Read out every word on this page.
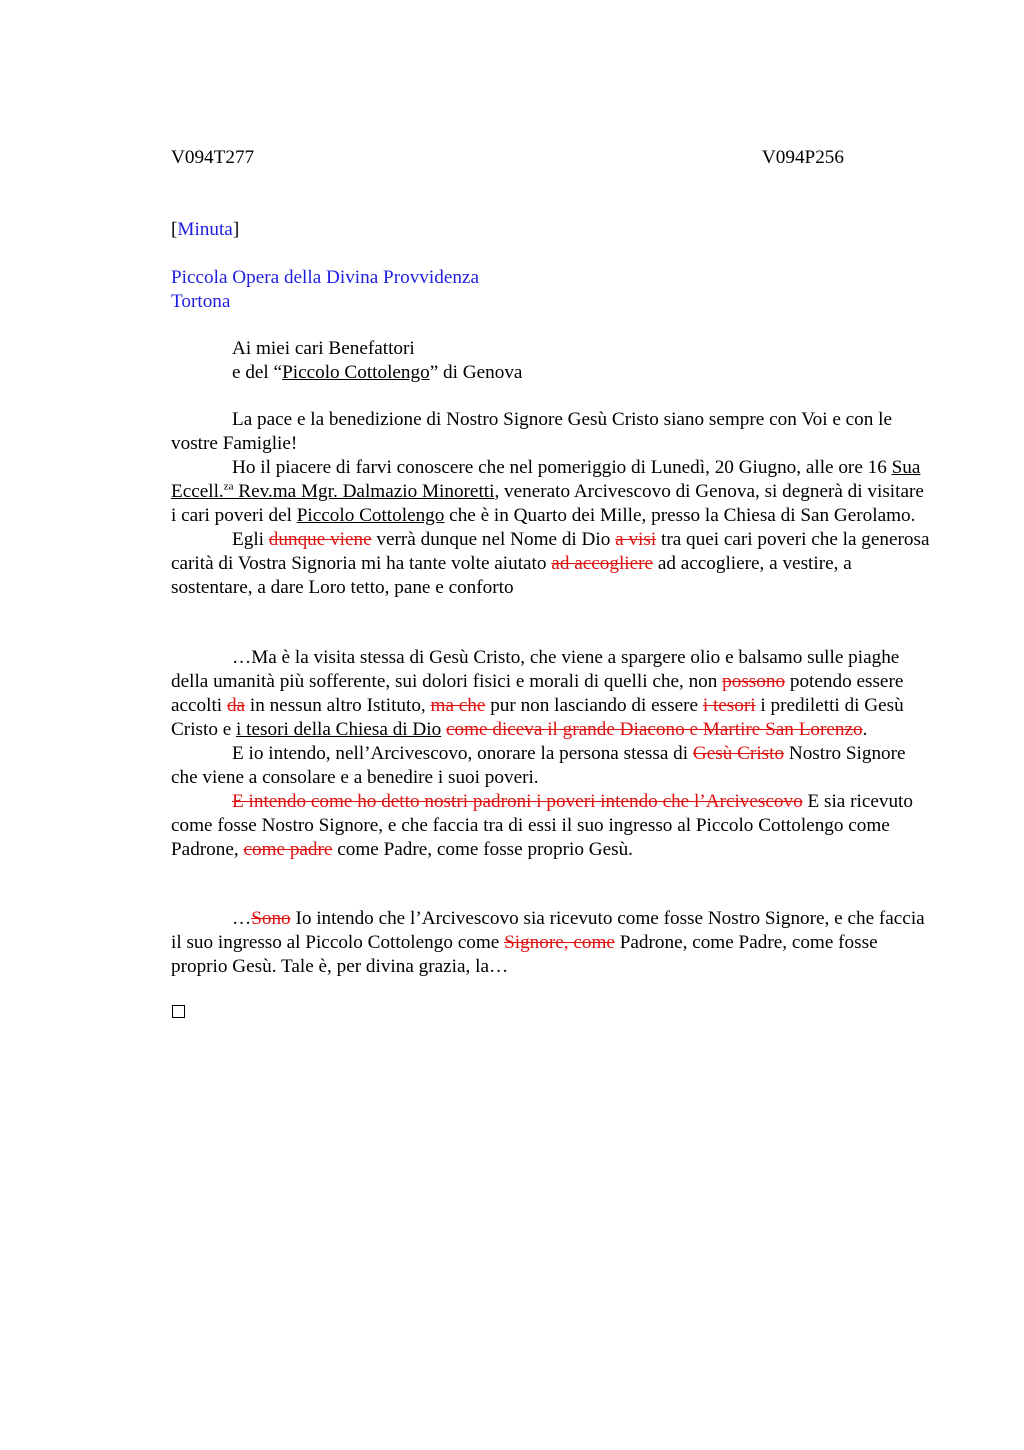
V094T277	V094P256
[Minuta]
Piccola Opera della Divina Provvidenza
Tortona
Ai miei cari Benefattori
e del “Piccolo Cottolengo” di Genova

La pace e la benedizione di Nostro Signore Gesù Cristo siano sempre con Voi e con le vostre Famiglie!

Ho il piacere di farvi conoscere che nel pomeriggio di Lunedì, 20 Giugno, alle ore 16 Sua Eccell.$^{za}$ Rev.ma Mgr. Dalmazio Minoretti, venerato Arcivescovo di Genova, si degnerà di visitare i cari poveri del Piccolo Cottolengo che è in Quarto dei Mille, presso la Chiesa di San Gerolamo.

Egli dunque viene verrà dunque nel Nome di Dio a visi tra quei cari poveri che la generosa carità di Vostra Signoria mi ha tante volte aiutato ad accogliere ad accogliere, a vestire, a sostentare, a dare Loro tetto, pane e conforto

…Ma è la visita stessa di Gesù Cristo, che viene a spargere olio e balsamo sulle piaghe della umanità più sofferente, sui dolori fisici e morali di quelli che, non possono potendo essere accolti da in nessun altro Istituto, ma che pur non lasciando di essere i tesori i prediletti di Gesù Cristo e i tesori della Chiesa di Dio come diceva il grande Diacono e Martire San Lorenzo.

E io intendo, nell’Arcivescovo, onorare la persona stessa di Gesù Cristo Nostro Signore che viene a consolare e a benedire i suoi poveri.

E intendo come ho detto nostri padroni i poveri intendo che l’Arcivescovo E sia ricevuto come fosse Nostro Signore, e che faccia tra di essi il suo ingresso al Piccolo Cottolengo come Padrone, come padre come Padre, come fosse proprio Gesù.

…Sono Io intendo che l’Arcivescovo sia ricevuto come fosse Nostro Signore, e che faccia il suo ingresso al Piccolo Cottolengo come Signore, come Padrone, come Padre, come fosse proprio Gesù. Tale è, per divina grazia, la…
